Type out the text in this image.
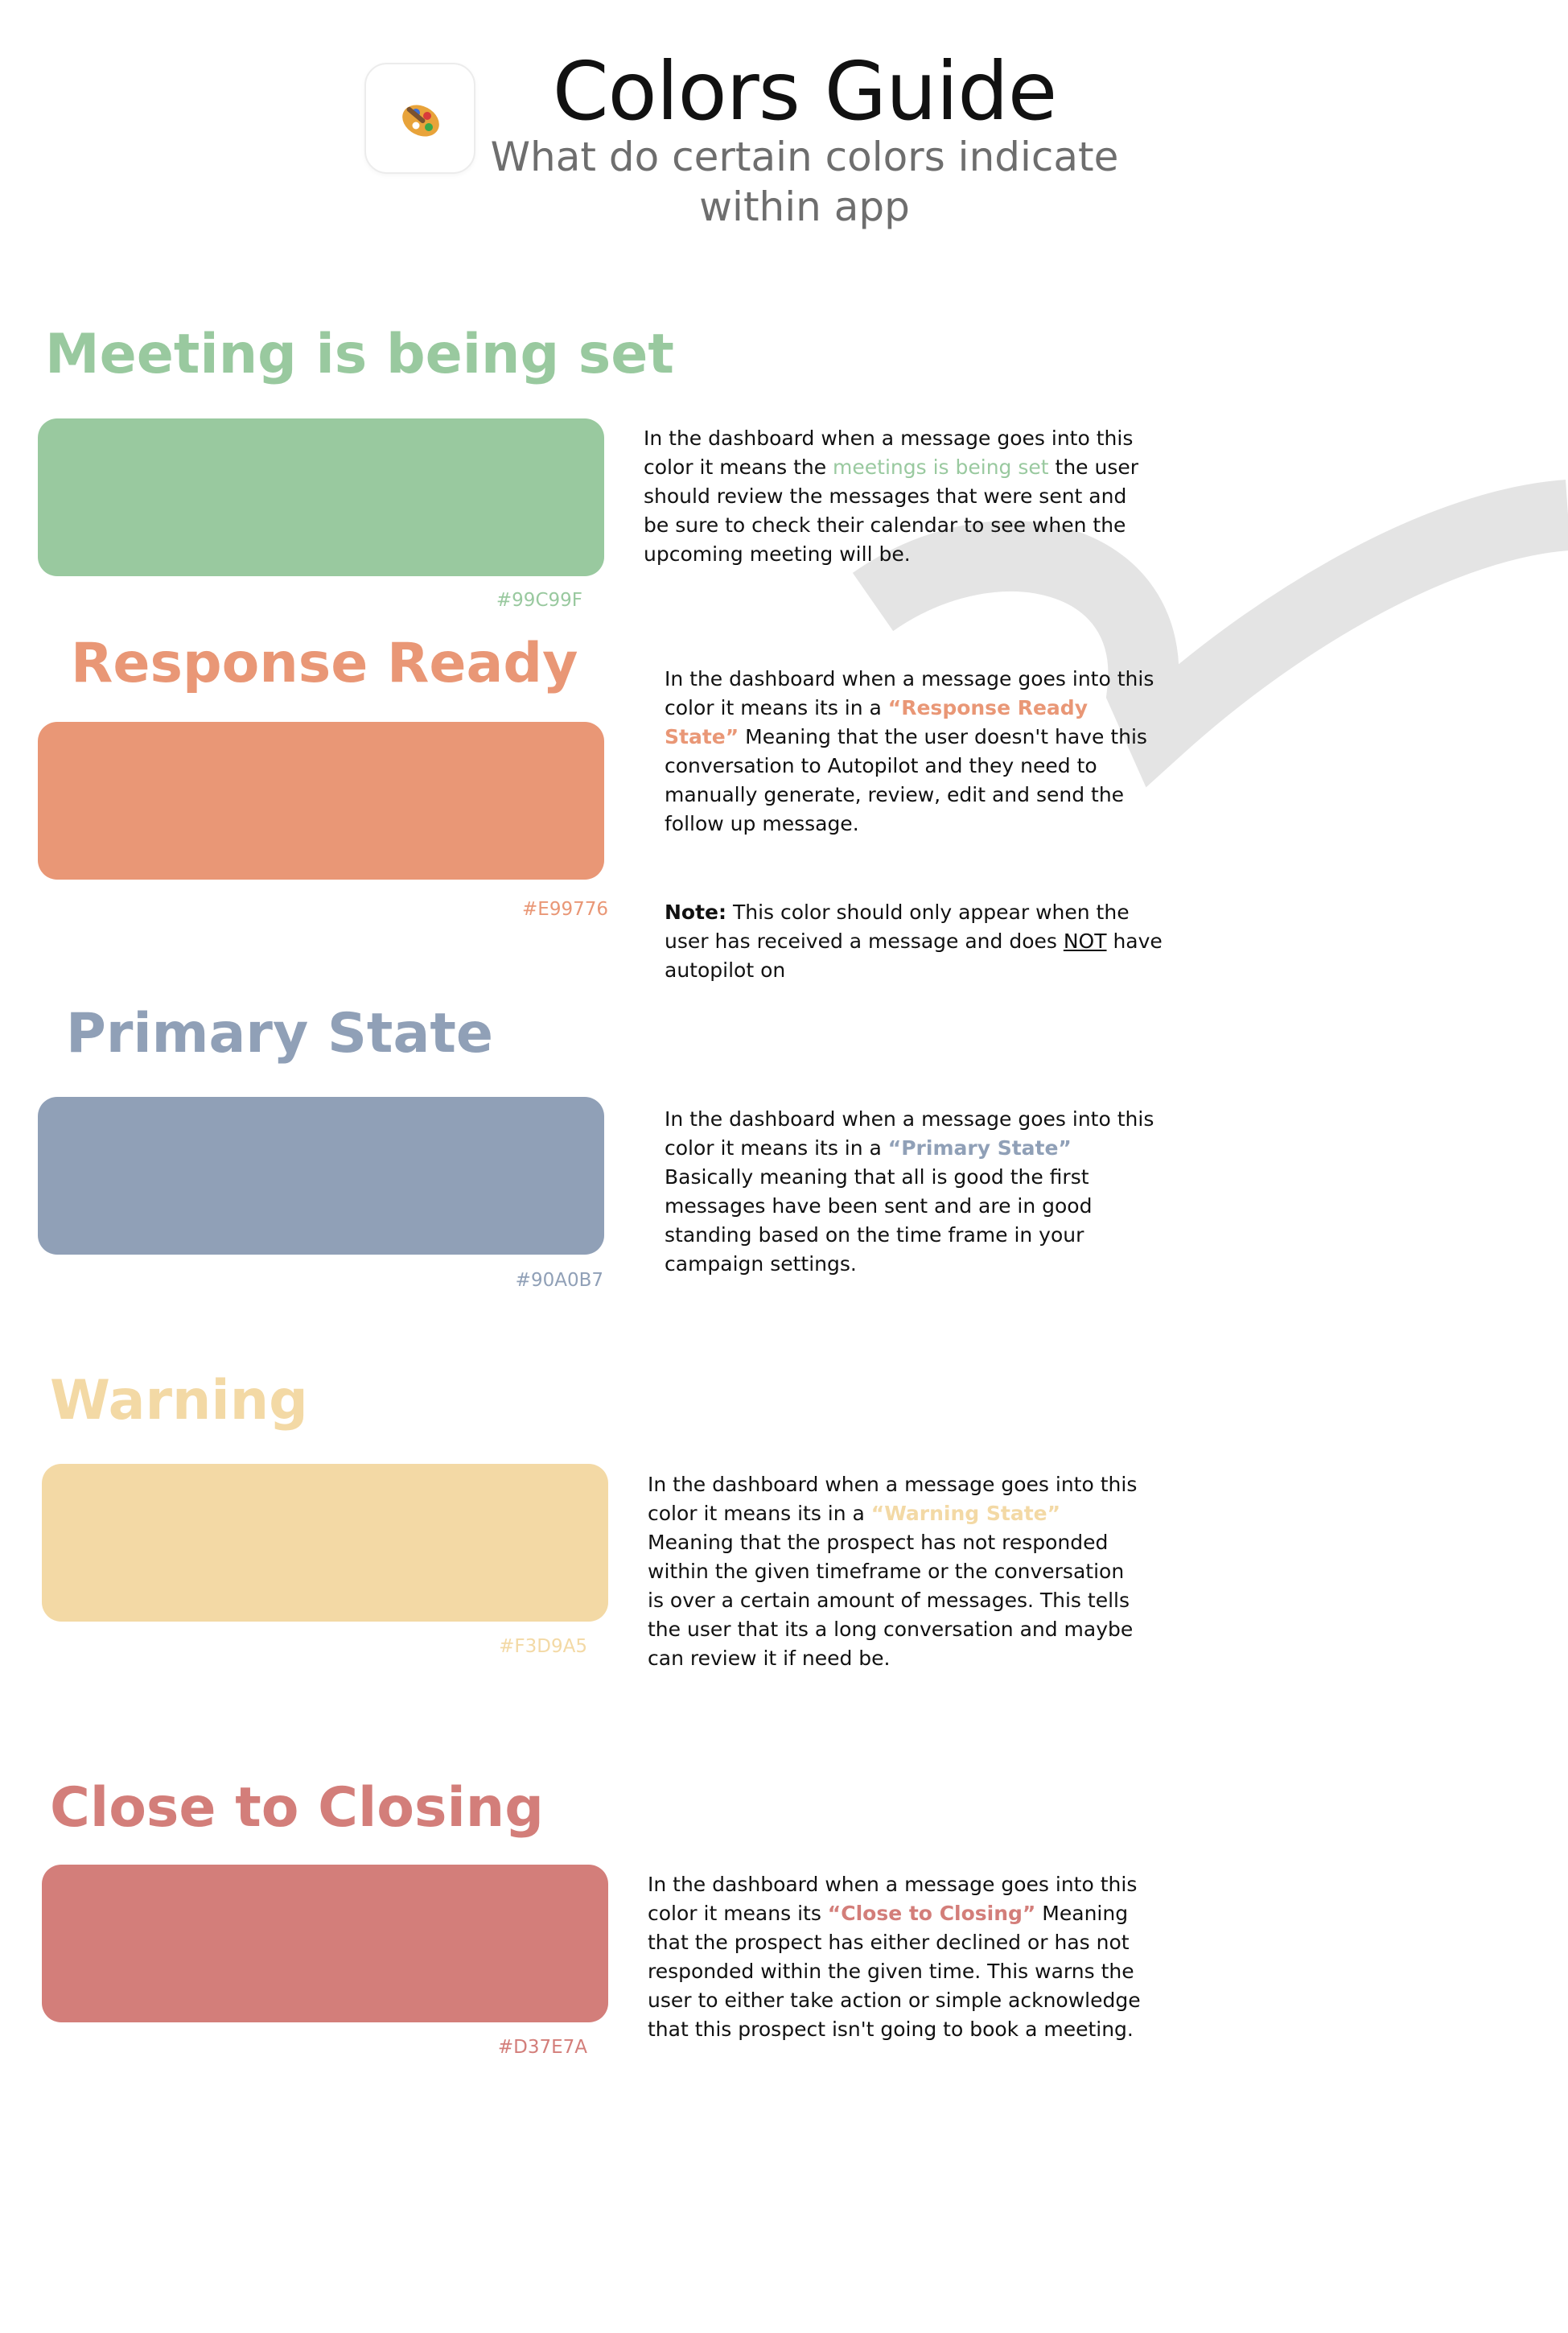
Colors Guide
What do certain colors indicate within app
Meeting is being set
#99C99F
In the dashboard when a message goes into this color it means the meetings is being set the user should review the messages that were sent and be sure to check their calendar to see when the upcoming meeting will be.
Response Ready
#E99776
In the dashboard when a message goes into this color it means its in a “Response Ready State” Meaning that the user doesn't have this conversation to Autopilot and they need to manually generate, review, edit and send the follow up message.
Note: This color should only appear when the user has received a message and does NOT have autopilot on
Primary State
#90A0B7
In the dashboard when a message goes into this color it means its in a “Primary State” Basically meaning that all is good the first messages have been sent and are in good standing based on the time frame in your campaign settings.
Warning
#F3D9A5
In the dashboard when a message goes into this color it means its in a “Warning State” Meaning that the prospect has not responded within the given timeframe or the conversation is over a certain amount of messages. This tells the user that its a long conversation and maybe can review it if need be.
Close to Closing
#D37E7A
In the dashboard when a message goes into this color it means its “Close to Closing” Meaning that the prospect has either declined or has not responded within the given time. This warns the user to either take action or simple acknowledge that this prospect isn't going to book a meeting.
